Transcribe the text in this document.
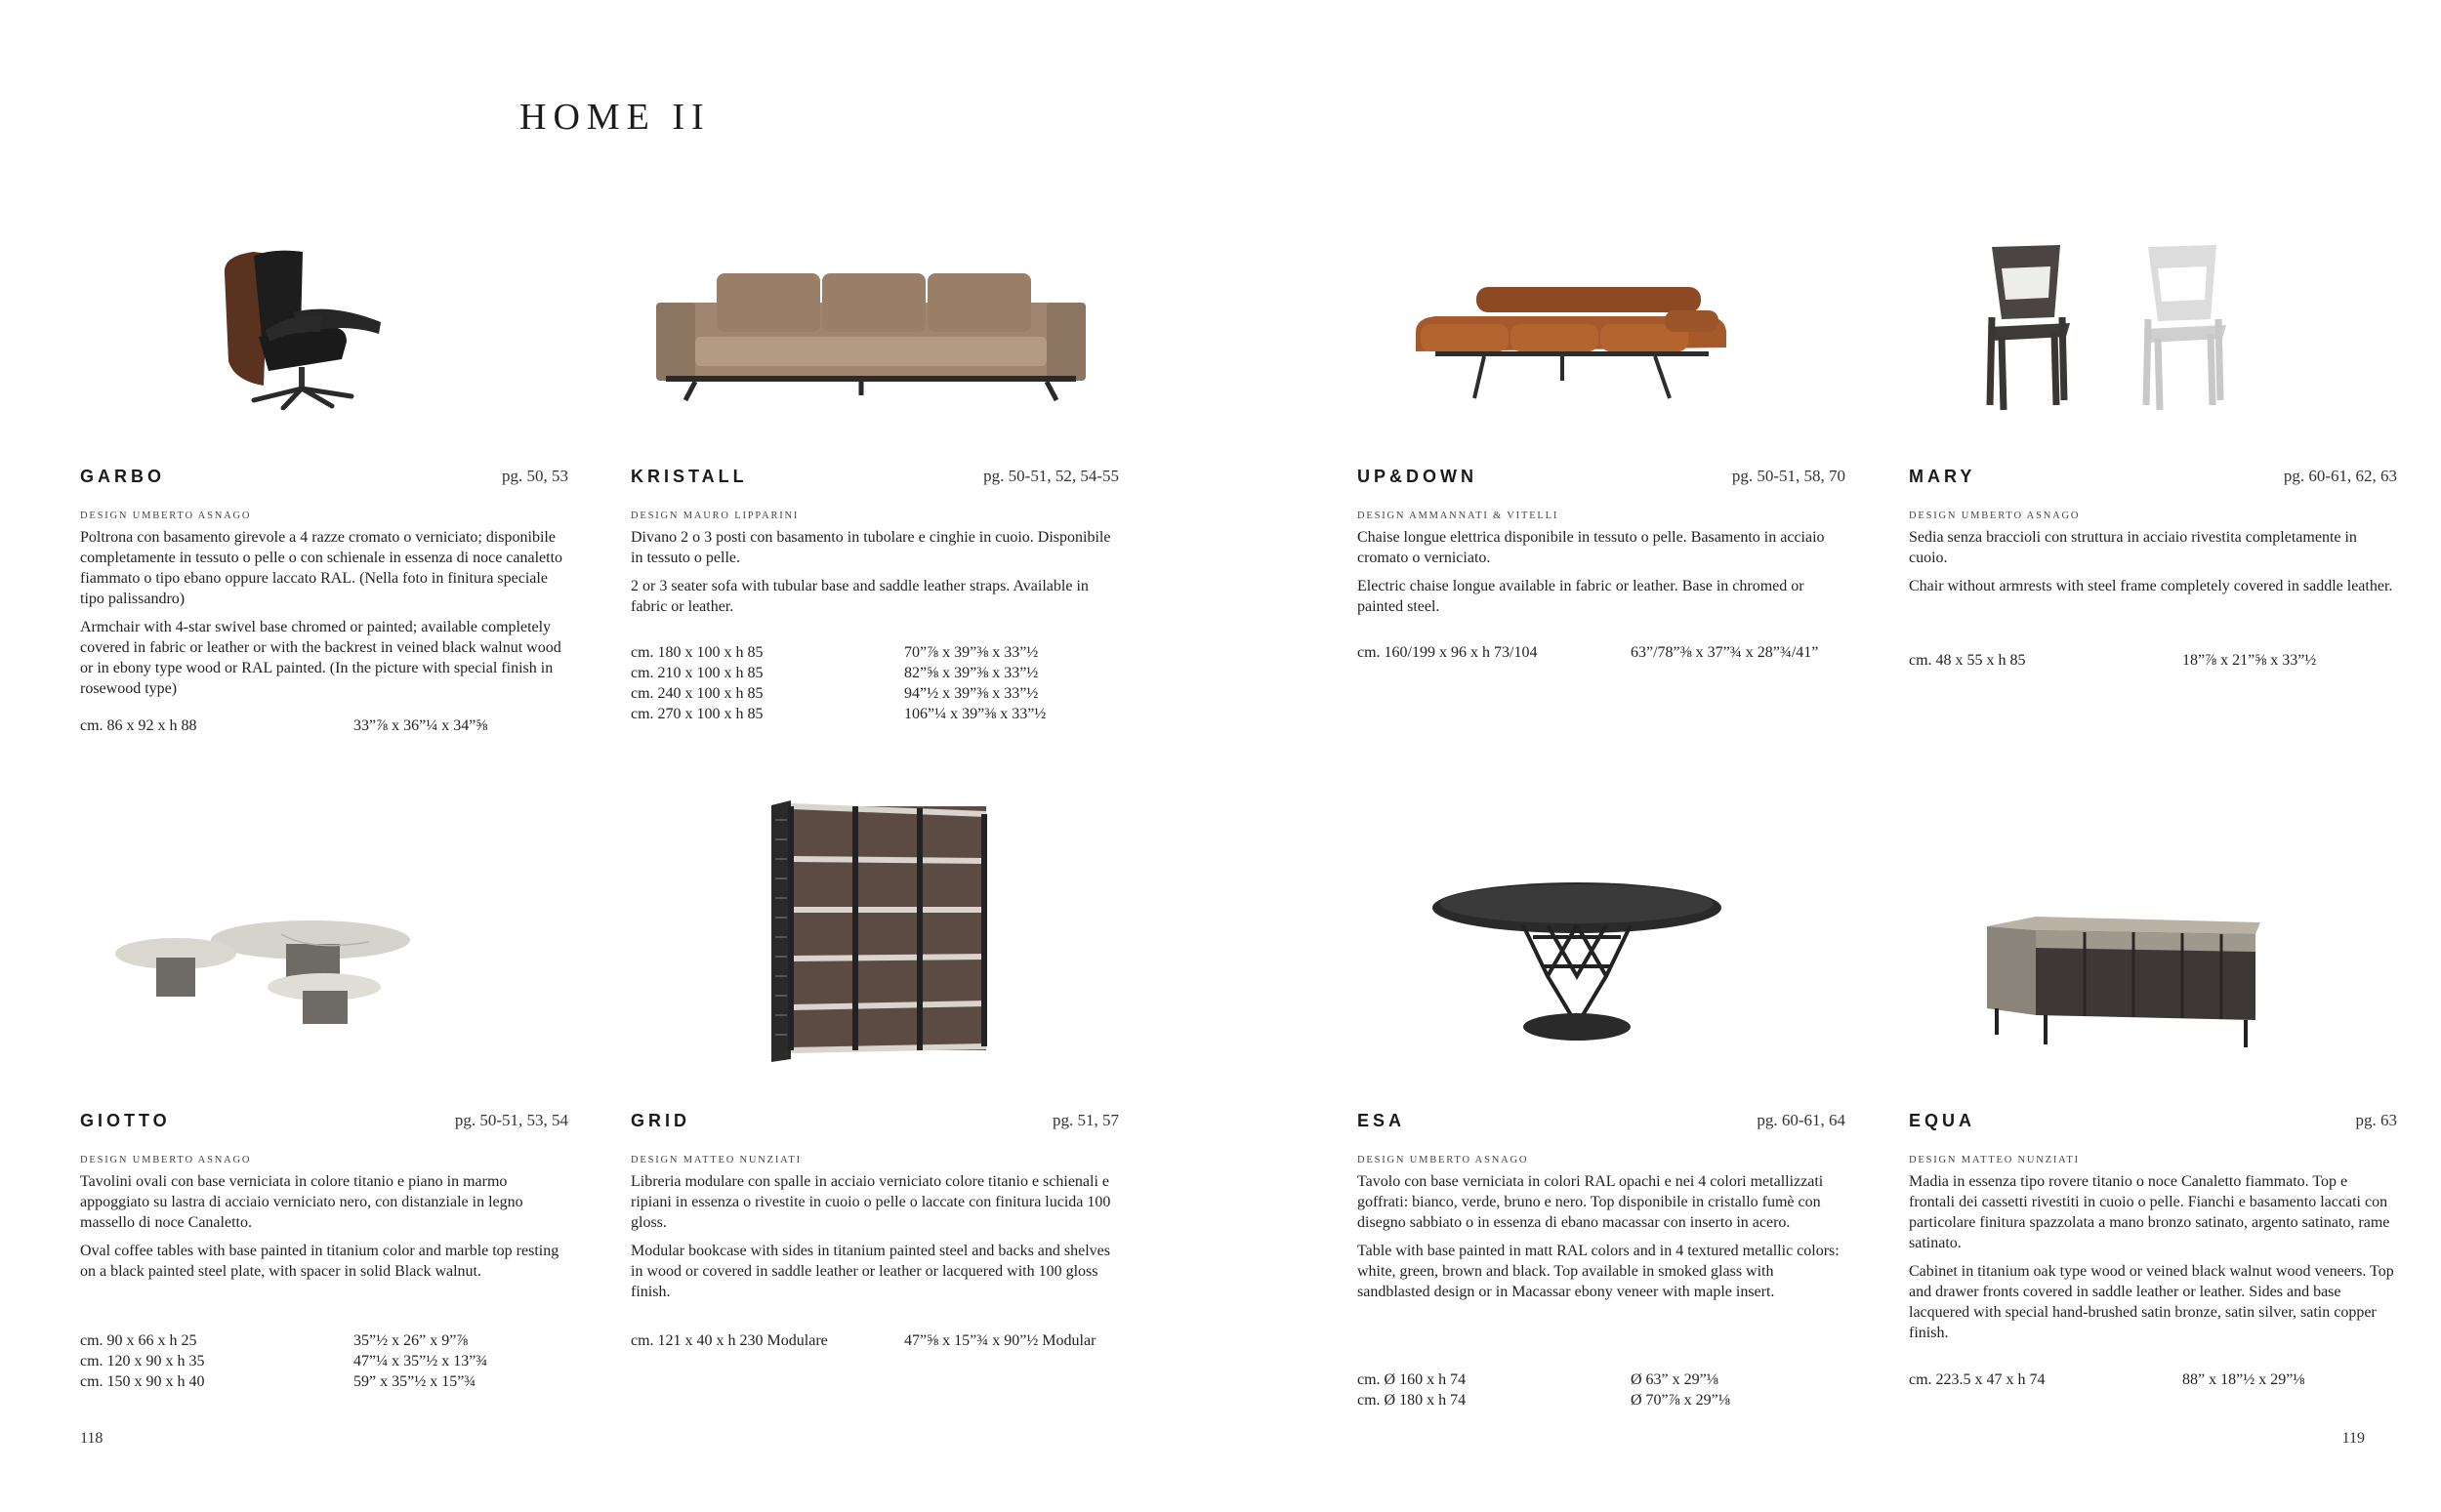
HOME II
GARBO	pg. 50, 53
DESIGN UMBERTO ASNAGO

Poltrona con basamento girevole a 4 razze cromato o verniciato; disponibile completamente in tessuto o pelle o con schienale in essenza di noce canaletto fiammato o tipo ebano oppure laccato RAL. (Nella foto in finitura speciale tipo palissandro)

Armchair with 4-star swivel base chromed or painted; available completely covered in fabric or leather or with the backrest in veined black walnut wood or in ebony type wood or RAL painted. (In the picture with special finish in rosewood type)

cm. 86 x 92 x h 88	33”⅞ x 36”¼ x 34”⅝
KRISTALL	pg. 50-51, 52, 54-55
DESIGN MAURO LIPPARINI

Divano 2 o 3 posti con basamento in tubolare e cinghie in cuoio. Disponibile in tessuto o pelle.

2 or 3 seater sofa with tubular base and saddle leather straps. Available in fabric or leather.

cm. 180 x 100 x h 85	70”⅞ x 39”⅜ x 33”½
cm. 210 x 100 x h 85	82”⅝ x 39”⅜ x 33”½
cm. 240 x 100 x h 85	94”½ x 39”⅜ x 33”½
cm. 270 x 100 x h 85	106”¼ x 39”⅜ x 33”½
UP&DOWN	pg. 50-51, 58, 70
DESIGN AMMANNATI & VITELLI

Chaise longue elettrica disponibile in tessuto o pelle. Basamento in acciaio cromato o verniciato.

Electric chaise longue available in fabric or leather. Base in chromed or painted steel.

cm. 160/199 x 96 x h 73/104	63”/78”⅜ x 37”¾ x 28”¾/41”
MARY	pg. 60-61, 62, 63
DESIGN UMBERTO ASNAGO

Sedia senza braccioli con struttura in acciaio rivestita completamente in cuoio.

Chair without armrests with steel frame completely covered in saddle leather.

cm. 48 x 55 x h 85	18”⅞ x 21”⅝ x 33”½
GIOTTO	pg. 50-51, 53, 54
DESIGN UMBERTO ASNAGO

Tavolini ovali con base verniciata in colore titanio e piano in marmo appoggiato su lastra di acciaio verniciato nero, con distanziale in legno massello di noce Canaletto.

Oval coffee tables with base painted in titanium color and marble top resting on a black painted steel plate, with spacer in solid Black walnut.

cm. 90 x 66 x h 25	35”½ x 26” x 9”⅞
cm. 120 x 90 x h 35	47”¼ x 35”½ x 13”¾
cm. 150 x 90 x h 40	59” x 35”½ x 15”¾
GRID	pg. 51, 57
DESIGN MATTEO NUNZIATI

Libreria modulare con spalle in acciaio verniciato colore titanio e schienali e ripiani in essenza o rivestite in cuoio o pelle o laccate con finitura lucida 100 gloss.

Modular bookcase with sides in titanium painted steel and backs and shelves in wood or covered in saddle leather or leather or lacquered with 100 gloss finish.

cm. 121 x 40 x h 230 Modulare	47”⅝ x 15”¾ x 90”½ Modular
ESA	pg. 60-61, 64
DESIGN UMBERTO ASNAGO

Tavolo con base verniciata in colori RAL opachi e nei 4 colori metallizzati goffrati: bianco, verde, bruno e nero. Top disponibile in cristallo fumè con disegno sabbiato o in essenza di ebano macassar con inserto in acero.

Table with base painted in matt RAL colors and in 4 textured metallic colors: white, green, brown and black. Top available in smoked glass with sandblasted design or in Macassar ebony veneer with maple insert.

cm. Ø 160 x h 74	Ø 63” x 29”⅛
cm. Ø 180 x h 74	Ø 70”⅞ x 29”⅛
EQUA	pg. 63
DESIGN MATTEO NUNZIATI

Madia in essenza tipo rovere titanio o noce Canaletto fiammato. Top e frontali dei cassetti rivestiti in cuoio o pelle. Fianchi e basamento laccati con particolare finitura spazzolata a mano bronzo satinato, argento satinato, rame satinato.

Cabinet in titanium oak type wood or veined black walnut wood veneers. Top and drawer fronts covered in saddle leather or leather. Sides and base lacquered with special hand-brushed satin bronze, satin silver, satin copper finish.

cm. 223.5 x 47 x h 74	88” x 18”½ x 29”⅛
118	119
